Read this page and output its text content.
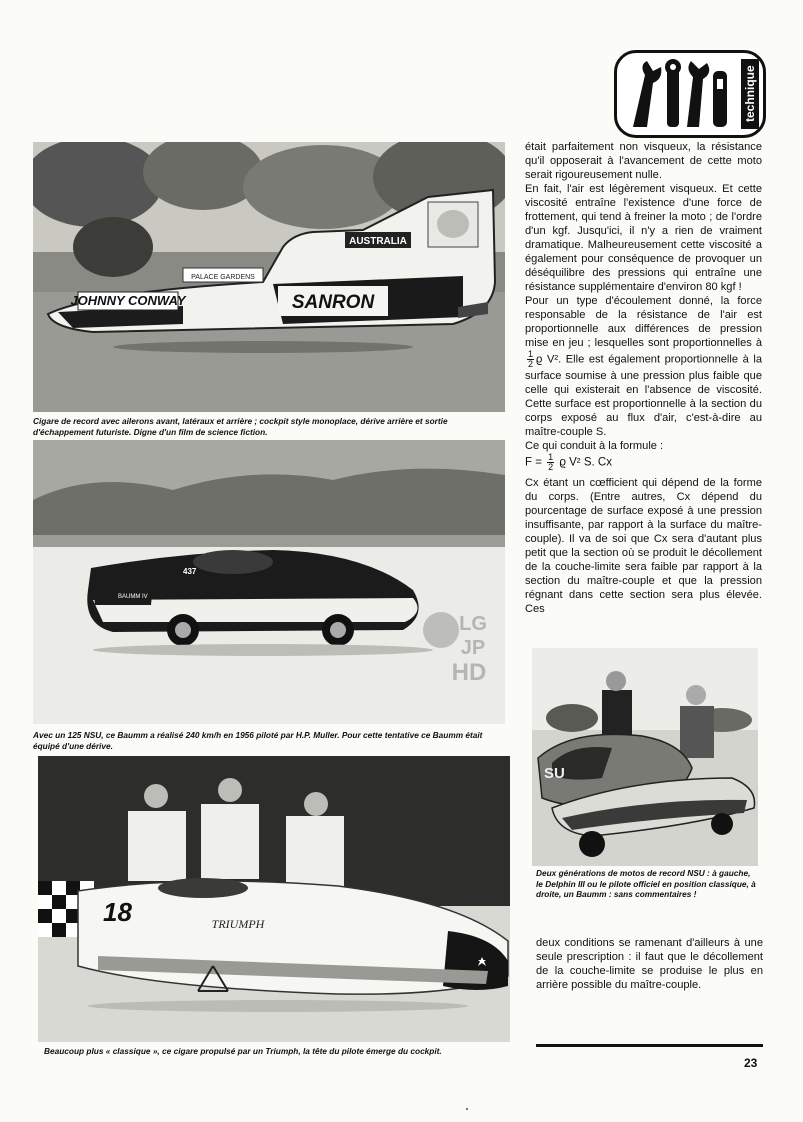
technique
JOHNNY CONWAY	SANRON
AUSTRALIA
PALACE GARDENS
Cigare de record avec ailerons avant, latéraux et arrière ; cockpit style monoplace, dérive arrière et sortie d'échappement futuriste. Digne d'un film de science fiction.
BAUMM IV
437
LG
JP
HD
Avec un 125 NSU, ce Baumm a réalisé 240 km/h en 1956 piloté par H.P. Muller. Pour cette tentative ce Baumm était équipé d'une dérive.
18	TRIUMPH
Beaucoup plus « classique », ce cigare propulsé par un Triumph, la tête du pilote émerge du cockpit.
SU
Deux générations de motos de record NSU : à gauche, le Delphin III ou le pilote officiel en position classique, à droite, un Baumm : sans commentaires !

était parfaitement non visqueux, la résistance qu'il opposerait à l'avancement de cette moto serait rigoureusement nulle.

En fait, l'air est légèrement visqueux. Et cette viscosité entraîne l'existence d'une force de frottement, qui tend à freiner la moto ; de l'ordre d'un kgf. Jusqu'ici, il n'y a rien de vraiment dramatique. Malheureusement cette viscosité a également pour conséquence de provoquer un déséquilibre des pressions qui entraîne une résistance supplémentaire d'environ 80 kgf !

Pour un type d'écoulement donné, la force responsable de la résistance de l'air est proportionnelle aux différences de pression mise en jeu ; lesquelles sont proportionnelles à
$\frac{1}{2}$ ϱ V². Elle est également proportionnelle à la surface soumise à une pression plus faible que celle qui existerait en l'absence de viscosité. Cette surface est proportionnelle à la section du corps exposé au flux d'air, c'est-à-dire au maître-couple S.

Ce qui conduit à la formule :

$F = \frac{1}{2}$ ϱ V² S. Cx

Cx étant un cœfficient qui dépend de la forme du corps. (Entre autres, Cx dépend du pourcentage de surface exposé à une pression insuffisante, par rapport à la surface du maître-couple). Il va de soi que Cx sera d'autant plus petit que la section où se produit le décollement de la couche-limite sera faible par rapport à la section du maître-couple et que la pression régnant dans cette section sera plus élevée. Ces

deux conditions se ramenant d'ailleurs à une seule prescription : il faut que le décollement de la couche-limite se produise le plus en arrière possible du maître-couple.

23
